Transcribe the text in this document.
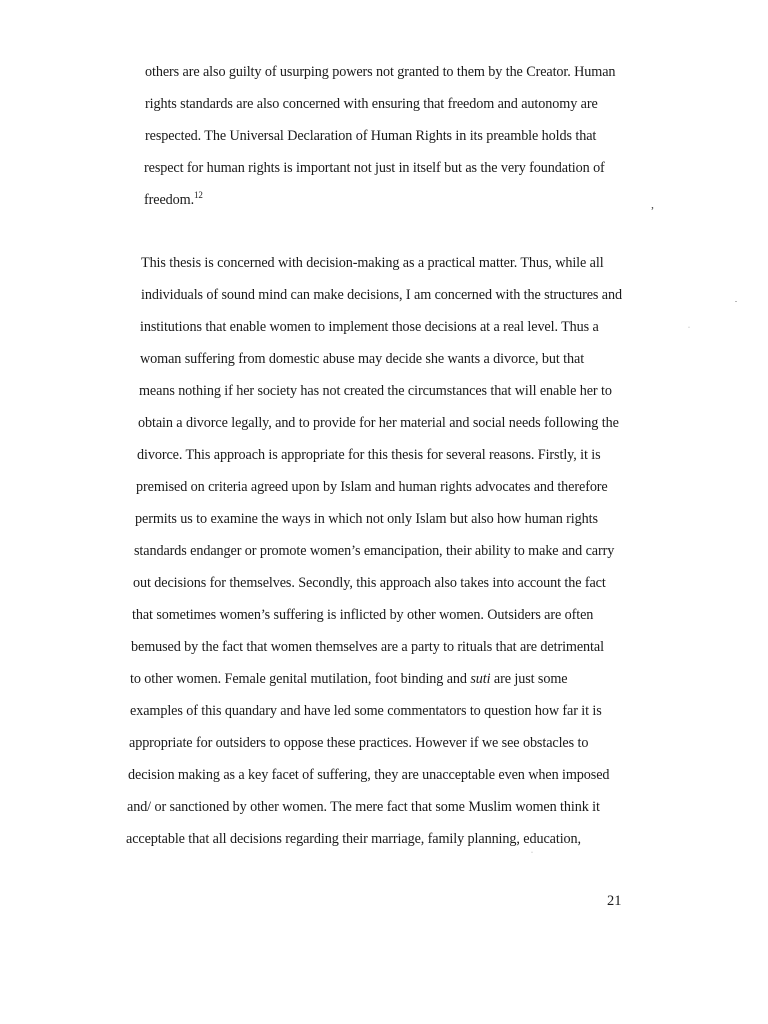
others are also guilty of usurping powers not granted to them by the Creator. Human
rights standards are also concerned with ensuring that freedom and autonomy are
respected. The Universal Declaration of Human Rights in its preamble holds that
respect for human rights is important not just in itself but as the very foundation of
freedom.$^{12}$
This thesis is concerned with decision-making as a practical matter. Thus, while all
individuals of sound mind can make decisions, I am concerned with the structures and
institutions that enable women to implement those decisions at a real level. Thus a
woman suffering from domestic abuse may decide she wants a divorce, but that
means nothing if her society has not created the circumstances that will enable her to
obtain a divorce legally, and to provide for her material and social needs following the
divorce. This approach is appropriate for this thesis for several reasons. Firstly, it is
premised on criteria agreed upon by Islam and human rights advocates and therefore
permits us to examine the ways in which not only Islam but also how human rights
standards endanger or promote women’s emancipation, their ability to make and carry
out decisions for themselves. Secondly, this approach also takes into account the fact
that sometimes women’s suffering is inflicted by other women. Outsiders are often
bemused by the fact that women themselves are a party to rituals that are detrimental
to other women. Female genital mutilation, foot binding and suti are just some
examples of this quandary and have led some commentators to question how far it is
appropriate for outsiders to oppose these practices. However if we see obstacles to
decision making as a key facet of suffering, they are unacceptable even when imposed
and/ or sanctioned by other women. The mere fact that some Muslim women think it
acceptable that all decisions regarding their marriage, family planning, education,
21
,
.
·
·
